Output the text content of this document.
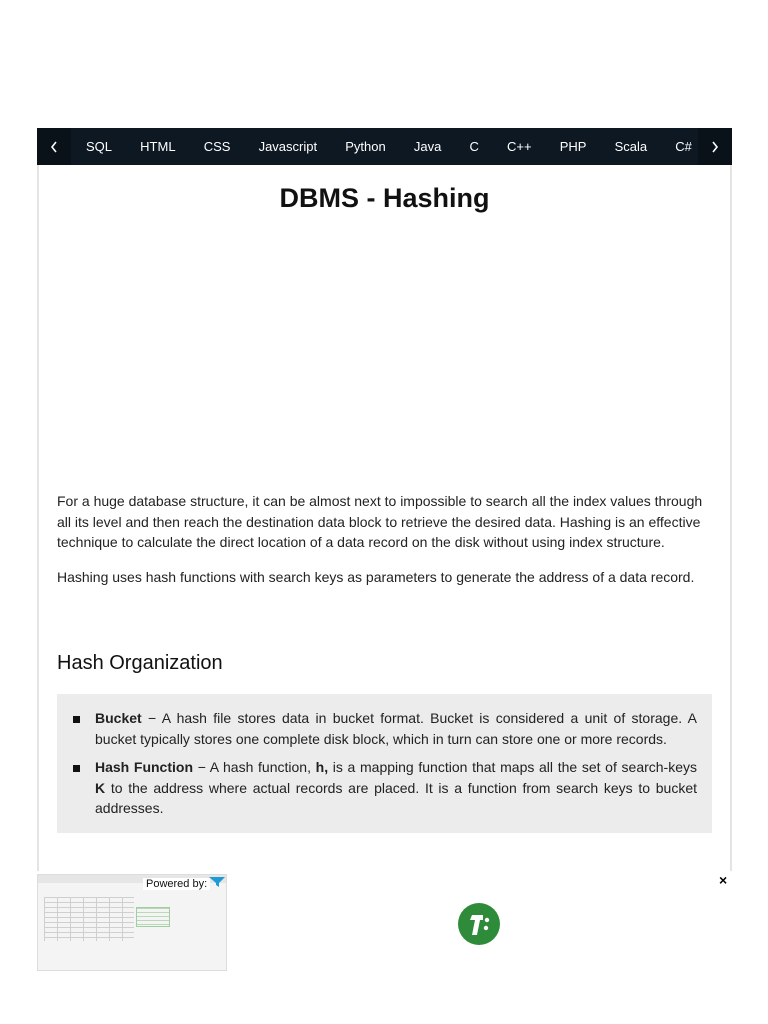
SQL HTML CSS Javascript Python Java C C++ PHP Scala C#
DBMS - Hashing

For a huge database structure, it can be almost next to impossible to search all the index values through all its level and then reach the destination data block to retrieve the desired data. Hashing is an effective technique to calculate the direct location of a data record on the disk without using index structure.

Hashing uses hash functions with search keys as parameters to generate the address of a data record.

Hash Organization
Bucket − A hash file stores data in bucket format. Bucket is considered a unit of storage. A bucket typically stores one complete disk block, which in turn can store one or more records.
Hash Function − A hash function, h, is a mapping function that maps all the set of search-keys K to the address where actual records are placed. It is a function from search keys to bucket addresses.
Powered by:	×
